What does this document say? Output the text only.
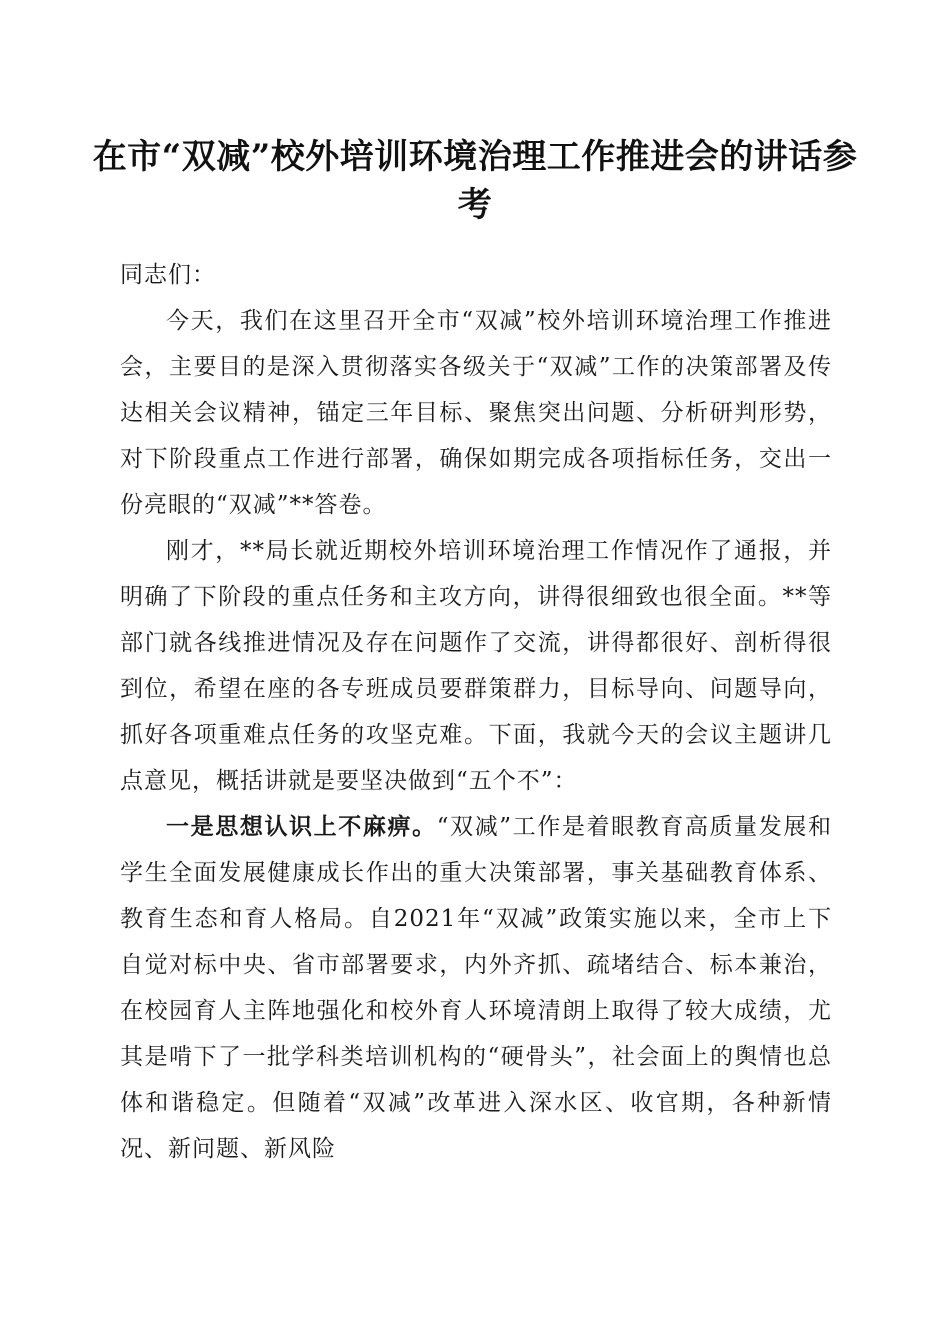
在市“双减”校外培训环境治理工作推进会的讲话参考

同志们：

今天，我们在这里召开全市“双减”校外培训环境治理工作推进会，主要目的是深入贯彻落实各级关于“双减”工作的决策部署及传达相关会议精神，锚定三年目标、聚焦突出问题、分析研判形势，对下阶段重点工作进行部署，确保如期完成各项指标任务，交出一份亮眼的“双减”**答卷。

刚才，**局长就近期校外培训环境治理工作情况作了通报，并明确了下阶段的重点任务和主攻方向，讲得很细致也很全面。**等部门就各线推进情况及存在问题作了交流，讲得都很好、剖析得很到位，希望在座的各专班成员要群策群力，目标导向、问题导向，抓好各项重难点任务的攻坚克难。下面，我就今天的会议主题讲几点意见，概括讲就是要坚决做到“五个不”：

一是思想认识上不麻痹。“双减”工作是着眼教育高质量发展和学生全面发展健康成长作出的重大决策部署，事关基础教育体系、教育生态和育人格局。自2021年“双减”政策实施以来，全市上下自觉对标中央、省市部署要求，内外齐抓、疏堵结合、标本兼治，在校园育人主阵地强化和校外育人环境清朗上取得了较大成绩，尤其是啃下了一批学科类培训机构的“硬骨头”，社会面上的舆情也总体和谐稳定。但随着“双减”改革进入深水区、收官期，各种新情况、新问题、新风险
